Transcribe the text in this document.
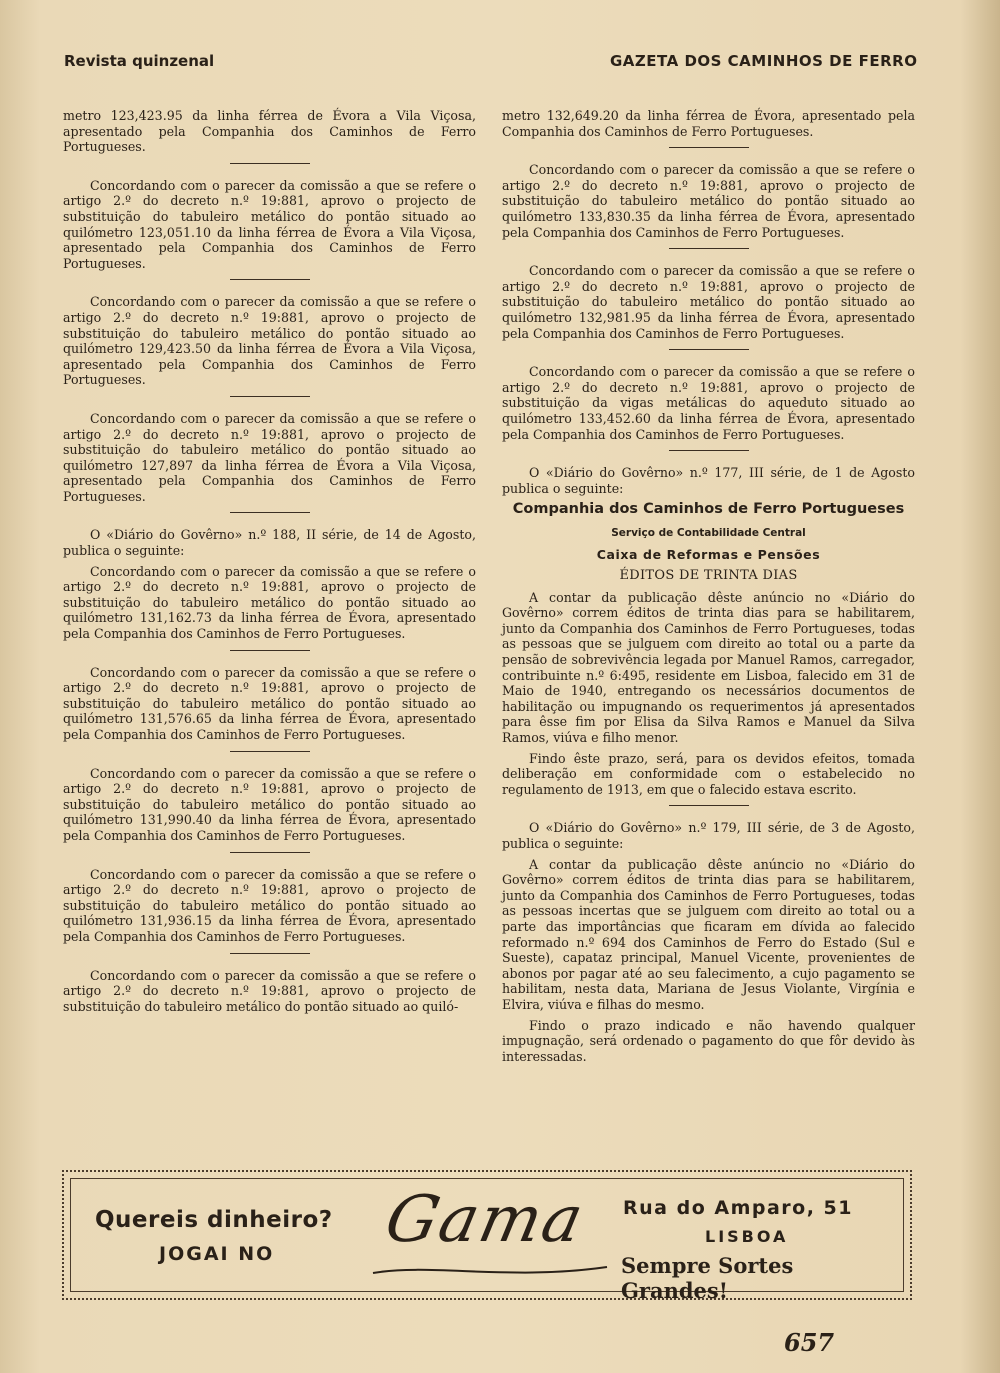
Revista quinzenal	GAZETA DOS CAMINHOS DE FERRO

metro 123,423.95 da linha férrea de Évora a Vila Viçosa, apresentado pela Companhia dos Caminhos de Ferro Portugueses.

Concordando com o parecer da comissão a que se refere o artigo 2.º do decreto n.º 19:881, aprovo o projecto de substituição do tabuleiro metálico do pontão situado ao quilómetro 123,051.10 da linha férrea de Évora a Vila Viçosa, apresentado pela Companhia dos Caminhos de Ferro Portugueses.

Concordando com o parecer da comissão a que se refere o artigo 2.º do decreto n.º 19:881, aprovo o projecto de substituição do tabuleiro metálico do pontão situado ao quilómetro 129,423.50 da linha férrea de Évora a Vila Viçosa, apresentado pela Companhia dos Caminhos de Ferro Portugueses.

Concordando com o parecer da comissão a que se refere o artigo 2.º do decreto n.º 19:881, aprovo o projecto de substituição do tabuleiro metálico do pontão situado ao quilómetro 127,897 da linha férrea de Évora a Vila Viçosa, apresentado pela Companhia dos Caminhos de Ferro Portugueses.

O «Diário do Govêrno» n.º 188, II série, de 14 de Agosto, publica o seguinte:

Concordando com o parecer da comissão a que se refere o artigo 2.º do decreto n.º 19:881, aprovo o projecto de substituição do tabuleiro metálico do pontão situado ao quilómetro 131,162.73 da linha férrea de Évora, apresentado pela Companhia dos Caminhos de Ferro Portugueses.

Concordando com o parecer da comissão a que se refere o artigo 2.º do decreto n.º 19:881, aprovo o projecto de substituição do tabuleiro metálico do pontão situado ao quilómetro 131,576.65 da linha férrea de Évora, apresentado pela Companhia dos Caminhos de Ferro Portugueses.

Concordando com o parecer da comissão a que se refere o artigo 2.º do decreto n.º 19:881, aprovo o projecto de substituição do tabuleiro metálico do pontão situado ao quilómetro 131,990.40 da linha férrea de Évora, apresentado pela Companhia dos Caminhos de Ferro Portugueses.

Concordando com o parecer da comissão a que se refere o artigo 2.º do decreto n.º 19:881, aprovo o projecto de substituição do tabuleiro metálico do pontão situado ao quilómetro 131,936.15 da linha férrea de Évora, apresentado pela Companhia dos Caminhos de Ferro Portugueses.

Concordando com o parecer da comissão a que se refere o artigo 2.º do decreto n.º 19:881, aprovo o projecto de substituição do tabuleiro metálico do pontão situado ao quiló-

metro 132,649.20 da linha férrea de Évora, apresentado pela Companhia dos Caminhos de Ferro Portugueses.

Concordando com o parecer da comissão a que se refere o artigo 2.º do decreto n.º 19:881, aprovo o projecto de substituição do tabuleiro metálico do pontão situado ao quilómetro 133,830.35 da linha férrea de Évora, apresentado pela Companhia dos Caminhos de Ferro Portugueses.

Concordando com o parecer da comissão a que se refere o artigo 2.º do decreto n.º 19:881, aprovo o projecto de substituição do tabuleiro metálico do pontão situado ao quilómetro 132,981.95 da linha férrea de Évora, apresentado pela Companhia dos Caminhos de Ferro Portugueses.

Concordando com o parecer da comissão a que se refere o artigo 2.º do decreto n.º 19:881, aprovo o projecto de substituição da vigas metálicas do aqueduto situado ao quilómetro 133,452.60 da linha férrea de Évora, apresentado pela Companhia dos Caminhos de Ferro Portugueses.

O «Diário do Govêrno» n.º 177, III série, de 1 de Agosto publica o seguinte:

Companhia dos Caminhos de Ferro Portugueses
Serviço de Contabilidade Central
Caixa de Reformas e Pensões
ÉDITOS DE TRINTA DIAS

A contar da publicação dêste anúncio no «Diário do Govêrno» correm éditos de trinta dias para se habilitarem, junto da Companhia dos Caminhos de Ferro Portugueses, todas as pessoas que se julguem com direito ao total ou a parte da pensão de sobrevivência legada por Manuel Ramos, carregador, contribuinte n.º 6:495, residente em Lisboa, falecido em 31 de Maio de 1940, entregando os necessários documentos de habilitação ou impugnando os requerimentos já apresentados para êsse fim por Elisa da Silva Ramos e Manuel da Silva Ramos, viúva e filho menor.

Findo êste prazo, será, para os devidos efeitos, tomada deliberação em conformidade com o estabelecido no regulamento de 1913, em que o falecido estava escrito.

O «Diário do Govêrno» n.º 179, III série, de 3 de Agosto, publica o seguinte:

A contar da publicação dêste anúncio no «Diário do Govêrno» correm éditos de trinta dias para se habilitarem, junto da Companhia dos Caminhos de Ferro Portugueses, todas as pessoas incertas que se julguem com direito ao total ou a parte das importâncias que ficaram em dívida ao falecido reformado n.º 694 dos Caminhos de Ferro do Estado (Sul e Sueste), capataz principal, Manuel Vicente, provenientes de abonos por pagar até ao seu falecimento, a cujo pagamento se habilitam, nesta data, Mariana de Jesus Violante, Virgínia e Elvira, viúva e filhas do mesmo.

Findo o prazo indicado e não havendo qualquer impugnação, será ordenado o pagamento do que fôr devido às interessadas.

Quereis dinheiro?
JOGAI NO Gama Rua do Amparo, 51
LISBOA
Sempre Sortes Grandes!
657
